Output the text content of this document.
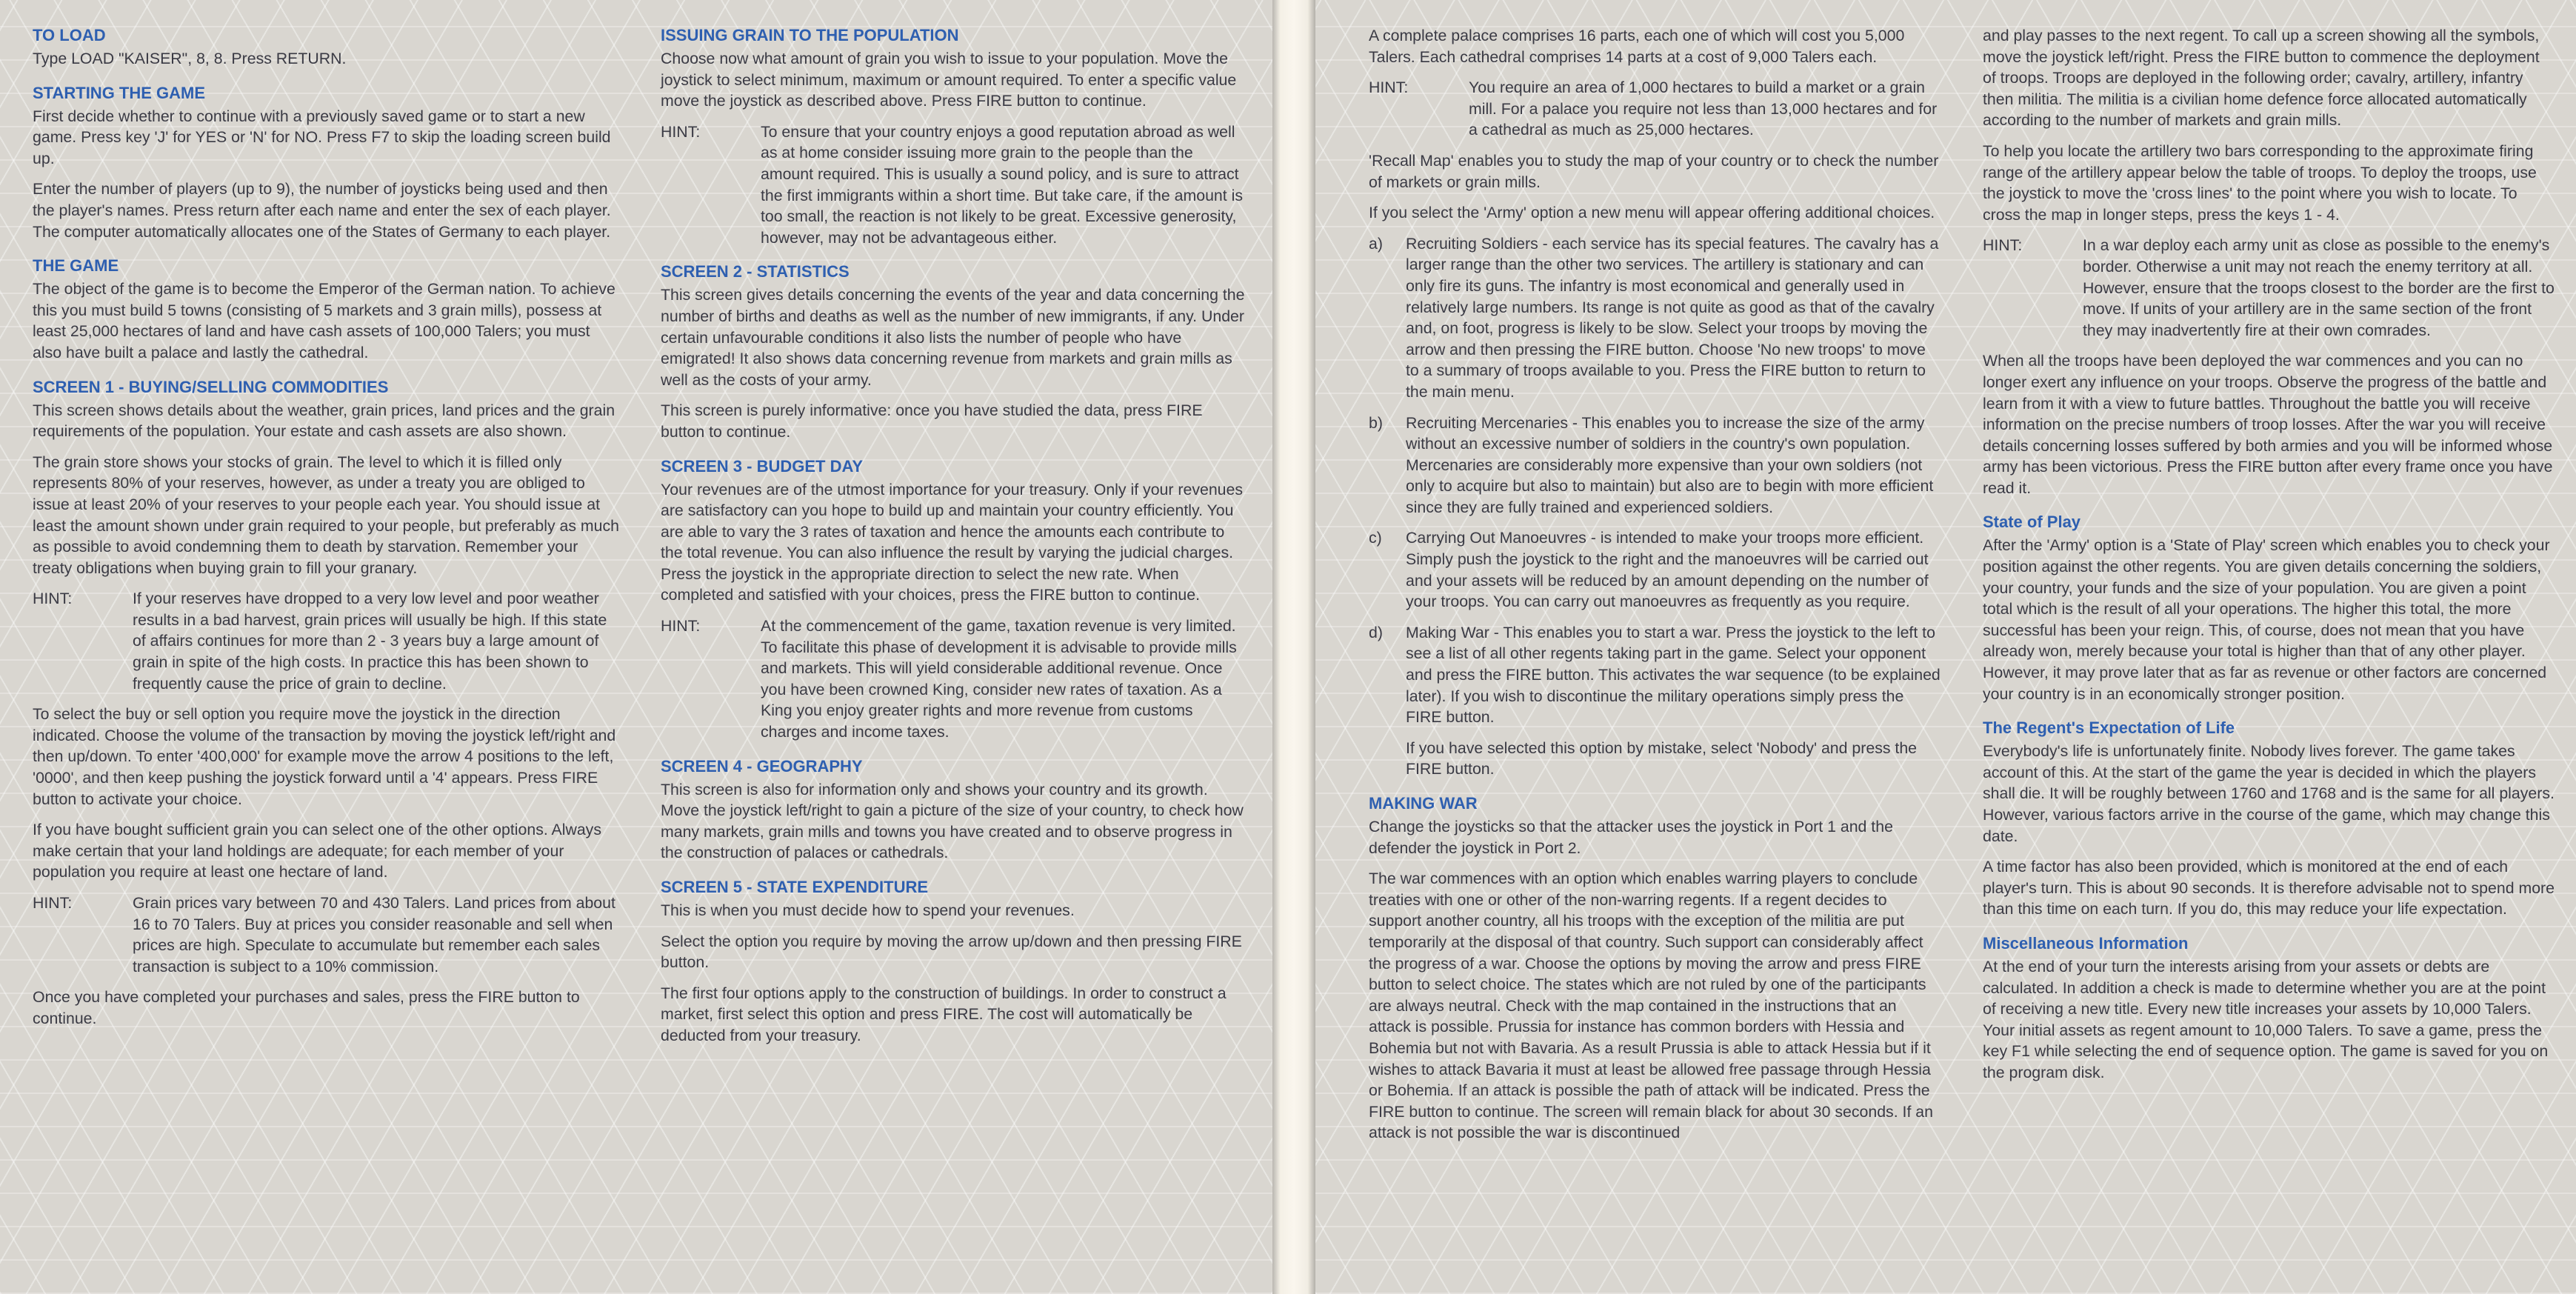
TO LOAD

Type LOAD "KAISER", 8, 8. Press RETURN.

STARTING THE GAME

First decide whether to continue with a previously saved game or to start a new game. Press key 'J' for YES or 'N' for NO. Press F7 to skip the loading screen build up.

Enter the number of players (up to 9), the number of joysticks being used and then the player's names. Press return after each name and enter the sex of each player. The computer automatically allocates one of the States of Germany to each player.

THE GAME

The object of the game is to become the Emperor of the German nation. To achieve this you must build 5 towns (consisting of 5 markets and 3 grain mills), possess at least 25,000 hectares of land and have cash assets of 100,000 Talers; you must also have built a palace and lastly the cathedral.

SCREEN 1 - BUYING/SELLING COMMODITIES

This screen shows details about the weather, grain prices, land prices and the grain requirements of the population. Your estate and cash assets are also shown.

The grain store shows your stocks of grain. The level to which it is filled only represents 80% of your reserves, however, as under a treaty you are obliged to issue at least 20% of your reserves to your people each year. You should issue at least the amount shown under grain required to your people, but preferably as much as possible to avoid condemning them to death by starvation. Remember your treaty obligations when buying grain to fill your granary.

HINT:	If your reserves have dropped to a very low level and poor weather results in a bad harvest, grain prices will usually be high. If this state of affairs continues for more than 2 - 3 years buy a large amount of grain in spite of the high costs. In practice this has been shown to frequently cause the price of grain to decline.

To select the buy or sell option you require move the joystick in the direction indicated. Choose the volume of the transaction by moving the joystick left/right and then up/down. To enter '400,000' for example move the arrow 4 positions to the left, '0000', and then keep pushing the joystick forward until a '4' appears. Press FIRE button to activate your choice.

If you have bought sufficient grain you can select one of the other options. Always make certain that your land holdings are adequate; for each member of your population you require at least one hectare of land.

HINT:	Grain prices vary between 70 and 430 Talers. Land prices from about 16 to 70 Talers. Buy at prices you consider reasonable and sell when prices are high. Speculate to accumulate but remember each sales transaction is subject to a 10% commission.

Once you have completed your purchases and sales, press the FIRE button to continue.

ISSUING GRAIN TO THE POPULATION

Choose now what amount of grain you wish to issue to your population. Move the joystick to select minimum, maximum or amount required. To enter a specific value move the joystick as described above. Press FIRE button to continue.

HINT:	To ensure that your country enjoys a good reputation abroad as well as at home consider issuing more grain to the people than the amount required. This is usually a sound policy, and is sure to attract the first immigrants within a short time. But take care, if the amount is too small, the reaction is not likely to be great. Excessive generosity, however, may not be advantageous either.
SCREEN 2 - STATISTICS

This screen gives details concerning the events of the year and data concerning the number of births and deaths as well as the number of new immigrants, if any. Under certain unfavourable conditions it also lists the number of people who have emigrated! It also shows data concerning revenue from markets and grain mills as well as the costs of your army.

This screen is purely informative: once you have studied the data, press FIRE button to continue.

SCREEN 3 - BUDGET DAY

Your revenues are of the utmost importance for your treasury. Only if your revenues are satisfactory can you hope to build up and maintain your country efficiently. You are able to vary the 3 rates of taxation and hence the amounts each contribute to the total revenue. You can also influence the result by varying the judicial charges. Press the joystick in the appropriate direction to select the new rate. When completed and satisfied with your choices, press the FIRE button to continue.

HINT:	At the commencement of the game, taxation revenue is very limited. To facilitate this phase of development it is advisable to provide mills and markets. This will yield considerable additional revenue. Once you have been crowned King, consider new rates of taxation. As a King you enjoy greater rights and more revenue from customs charges and income taxes.
SCREEN 4 - GEOGRAPHY

This screen is also for information only and shows your country and its growth. Move the joystick left/right to gain a picture of the size of your country, to check how many markets, grain mills and towns you have created and to observe progress in the construction of palaces or cathedrals.

SCREEN 5 - STATE EXPENDITURE

This is when you must decide how to spend your revenues.

Select the option you require by moving the arrow up/down and then pressing FIRE button.

The first four options apply to the construction of buildings. In order to construct a market, first select this option and press FIRE. The cost will automatically be deducted from your treasury.

A complete palace comprises 16 parts, each one of which will cost you 5,000 Talers. Each cathedral comprises 14 parts at a cost of 9,000 Talers each.

HINT:	You require an area of 1,000 hectares to build a market or a grain mill. For a palace you require not less than 13,000 hectares and for a cathedral as much as 25,000 hectares.

'Recall Map' enables you to study the map of your country or to check the number of markets or grain mills.

If you select the 'Army' option a new menu will appear offering additional choices.

a) Recruiting Soldiers - each service has its special features. The cavalry has a larger range than the other two services. The artillery is stationary and can only fire its guns. The infantry is most economical and generally used in relatively large numbers. Its range is not quite as good as that of the cavalry and, on foot, progress is likely to be slow. Select your troops by moving the arrow and then pressing the FIRE button. Choose 'No new troops' to move to a summary of troops available to you. Press the FIRE button to return to the main menu.
b) Recruiting Mercenaries - This enables you to increase the size of the army without an excessive number of soldiers in the country's own population. Mercenaries are considerably more expensive than your own soldiers (not only to acquire but also to maintain) but also are to begin with more efficient since they are fully trained and experienced soldiers.
c) Carrying Out Manoeuvres - is intended to make your troops more efficient. Simply push the joystick to the right and the manoeuvres will be carried out and your assets will be reduced by an amount depending on the number of your troops. You can carry out manoeuvres as frequently as you require.
d) Making War - This enables you to start a war. Press the joystick to the left to see a list of all other regents taking part in the game. Select your opponent and press the FIRE button. This activates the war sequence (to be explained later). If you wish to discontinue the military operations simply press the FIRE button.
If you have selected this option by mistake, select 'Nobody' and press the FIRE button.
MAKING WAR

Change the joysticks so that the attacker uses the joystick in Port 1 and the defender the joystick in Port 2.

The war commences with an option which enables warring players to conclude treaties with one or other of the non-warring regents. If a regent decides to support another country, all his troops with the exception of the militia are put temporarily at the disposal of that country. Such support can considerably affect the progress of a war. Choose the options by moving the arrow and press FIRE button to select choice. The states which are not ruled by one of the participants are always neutral. Check with the map contained in the instructions that an attack is possible. Prussia for instance has common borders with Hessia and Bohemia but not with Bavaria. As a result Prussia is able to attack Hessia but if it wishes to attack Bavaria it must at least be allowed free passage through Hessia or Bohemia. If an attack is possible the path of attack will be indicated. Press the FIRE button to continue. The screen will remain black for about 30 seconds. If an attack is not possible the war is discontinued

and play passes to the next regent. To call up a screen showing all the symbols, move the joystick left/right. Press the FIRE button to commence the deployment of troops. Troops are deployed in the following order; cavalry, artillery, infantry then militia. The militia is a civilian home defence force allocated automatically according to the number of markets and grain mills.

To help you locate the artillery two bars corresponding to the approximate firing range of the artillery appear below the table of troops. To deploy the troops, use the joystick to move the 'cross lines' to the point where you wish to locate. To cross the map in longer steps, press the keys 1 - 4.

HINT:	In a war deploy each army unit as close as possible to the enemy's border. Otherwise a unit may not reach the enemy territory at all. However, ensure that the troops closest to the border are the first to move. If units of your artillery are in the same section of the front they may inadvertently fire at their own comrades.

When all the troops have been deployed the war commences and you can no longer exert any influence on your troops. Observe the progress of the battle and learn from it with a view to future battles. Throughout the battle you will receive information on the precise numbers of troop losses. After the war you will receive details concerning losses suffered by both armies and you will be informed whose army has been victorious. Press the FIRE button after every frame once you have read it.

State of Play

After the 'Army' option is a 'State of Play' screen which enables you to check your position against the other regents. You are given details concerning the soldiers, your country, your funds and the size of your population. You are given a point total which is the result of all your operations. The higher this total, the more successful has been your reign. This, of course, does not mean that you have already won, merely because your total is higher than that of any other player. However, it may prove later that as far as revenue or other factors are concerned your country is in an economically stronger position.

The Regent's Expectation of Life

Everybody's life is unfortunately finite. Nobody lives forever. The game takes account of this. At the start of the game the year is decided in which the players shall die. It will be roughly between 1760 and 1768 and is the same for all players. However, various factors arrive in the course of the game, which may change this date.

A time factor has also been provided, which is monitored at the end of each player's turn. This is about 90 seconds. It is therefore advisable not to spend more than this time on each turn. If you do, this may reduce your life expectation.

Miscellaneous Information

At the end of your turn the interests arising from your assets or debts are calculated. In addition a check is made to determine whether you are at the point of receiving a new title. Every new title increases your assets by 10,000 Talers. Your initial assets as regent amount to 10,000 Talers. To save a game, press the key F1 while selecting the end of sequence option. The game is saved for you on the program disk.
